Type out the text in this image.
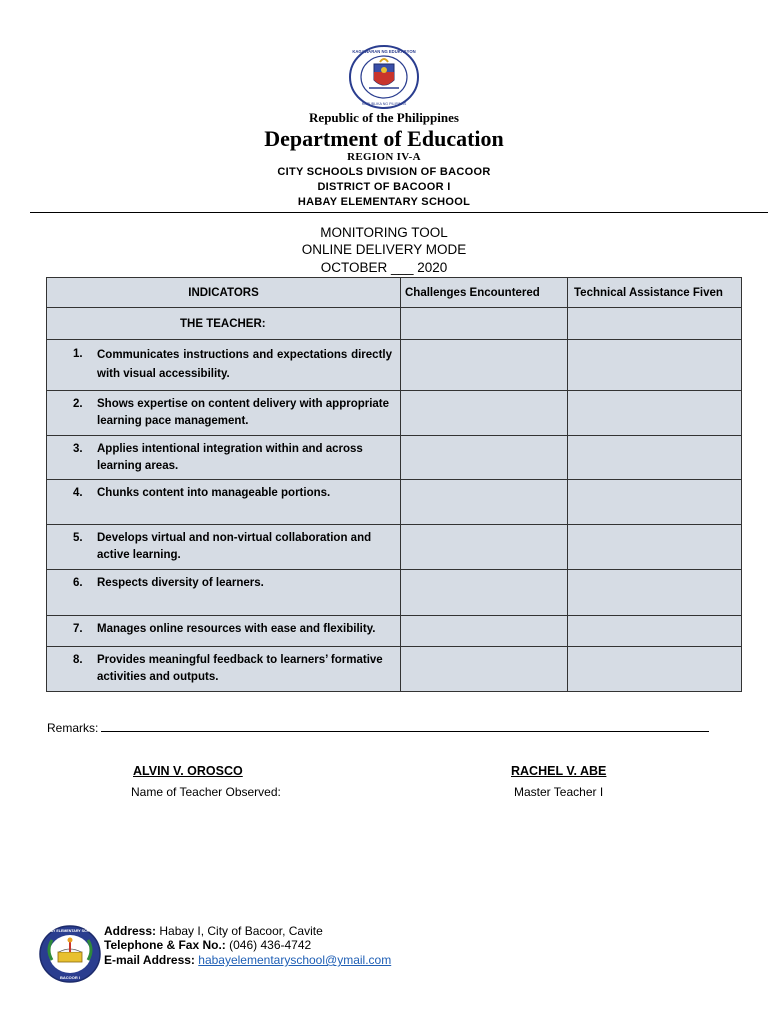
KAGAWARAN NG EDUKASYON
REPUBLIKA NG PILIPINAS
Republic of the Philippines
Department of Education
REGION IV-A
CITY SCHOOLS DIVISION OF BACOOR
DISTRICT OF BACOOR I
HABAY ELEMENTARY SCHOOL
MONITORING TOOL
ONLINE DELIVERY MODE
OCTOBER ___ 2020
INDICATORS	Challenges Encountered	Technical Assistance Fiven
THE TEACHER:		

1. Communicates instructions and expectations directly with visual accessibility.		

2. Shows expertise on content delivery with appropriate learning pace management.		

3. Applies intentional integration within and across learning areas.		

4. Chunks content into manageable portions.		

5. Develops virtual and non-virtual collaboration and active learning.		

6. Respects diversity of learners.		

7. Manages online resources with ease and flexibility.		

8. Provides meaningful feedback to learners’ formative activities and outputs.		

Remarks:
ALVIN V. OROSCO
Name of Teacher Observed:
RACHEL V. ABE
Master Teacher I
HABAY ELEMENTARY SCHOOL
BACOOR I
Address: Habay I, City of Bacoor, Cavite
Telephone & Fax No.: (046) 436-4742
E-mail Address: habayelementaryschool@ymail.com
